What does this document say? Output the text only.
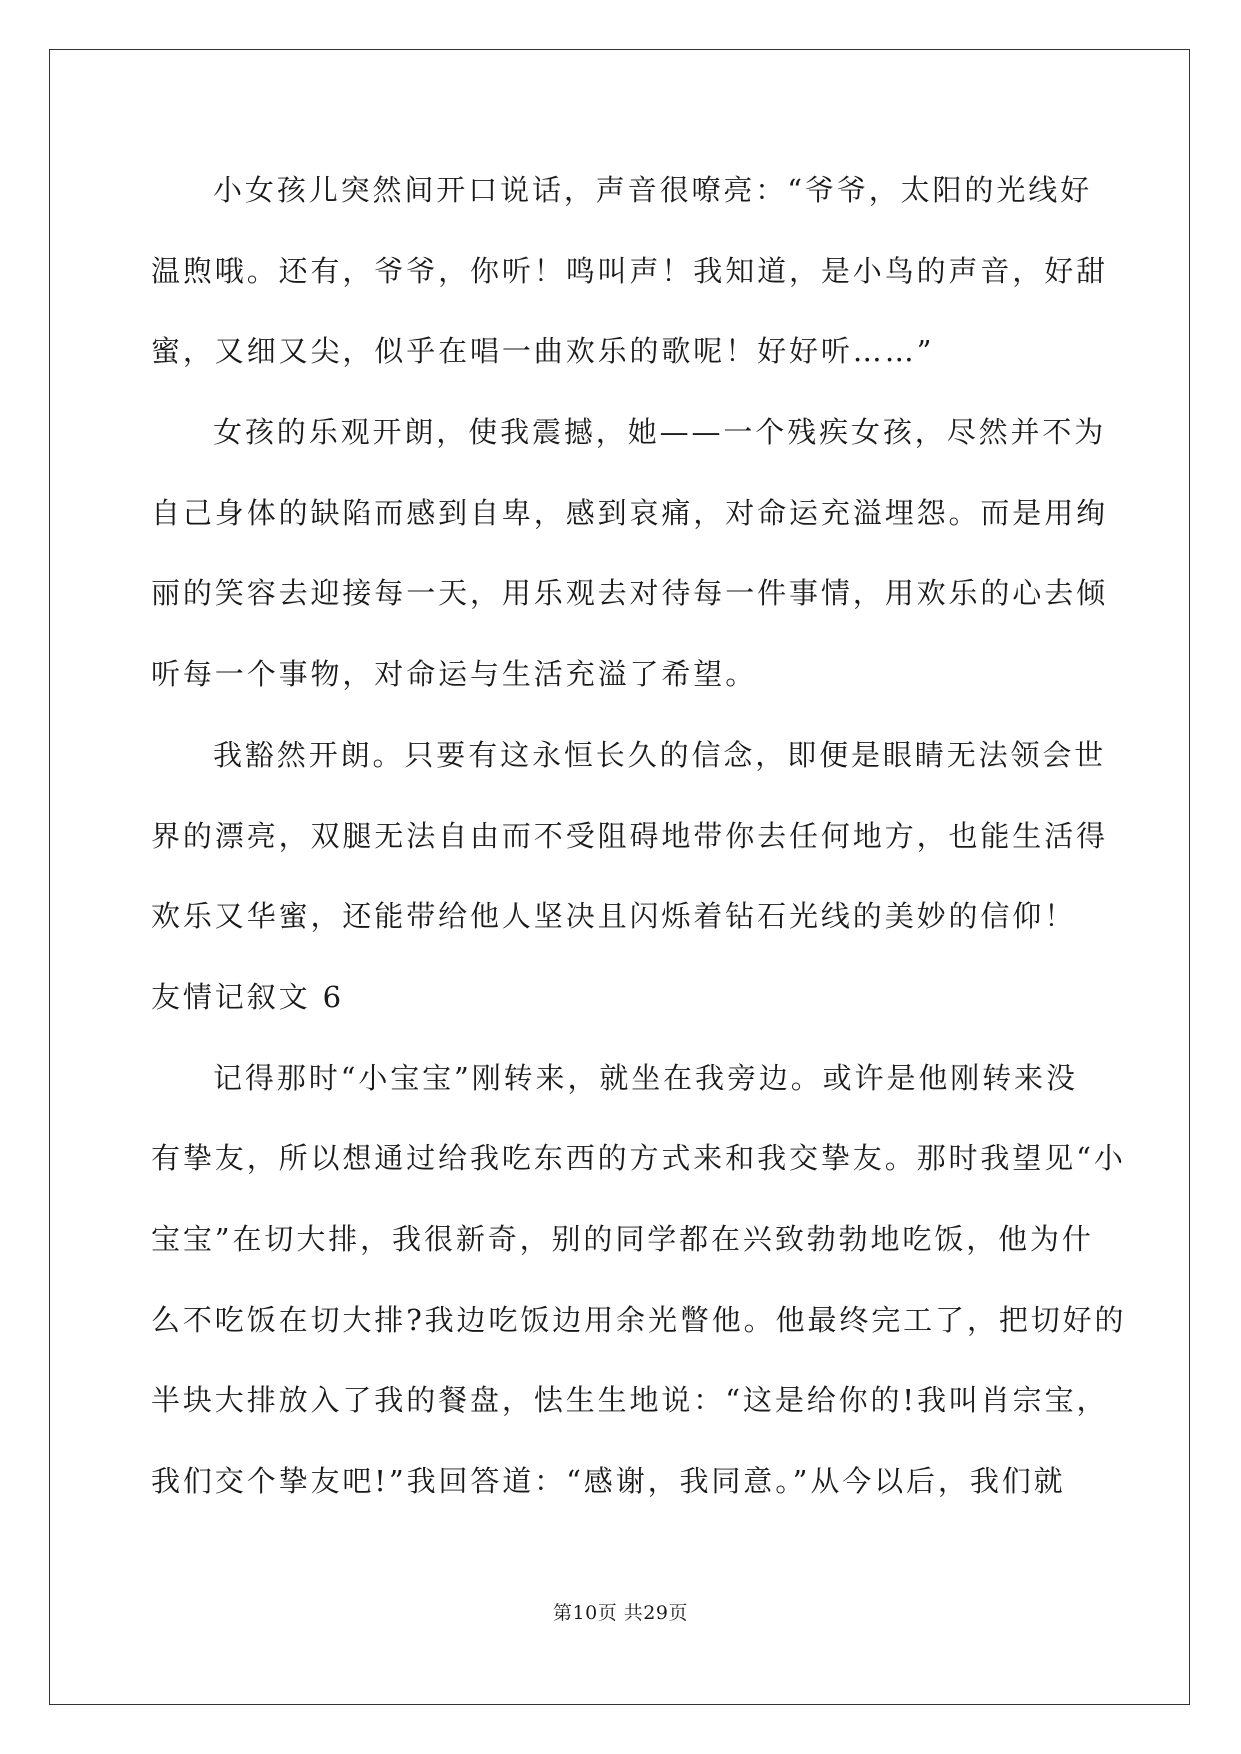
小女孩儿突然间开口说话，声音很嘹亮：“爷爷，太阳的光线好
温煦哦。还有，爷爷，你听！鸣叫声！我知道，是小鸟的声音，好甜
蜜，又细又尖，似乎在唱一曲欢乐的歌呢！好好听……”
女孩的乐观开朗，使我震撼，她——一个残疾女孩，尽然并不为
自己身体的缺陷而感到自卑，感到哀痛，对命运充溢埋怨。而是用绚
丽的笑容去迎接每一天，用乐观去对待每一件事情，用欢乐的心去倾
听每一个事物，对命运与生活充溢了希望。
我豁然开朗。只要有这永恒长久的信念，即便是眼睛无法领会世
界的漂亮，双腿无法自由而不受阻碍地带你去任何地方，也能生活得
欢乐又华蜜，还能带给他人坚决且闪烁着钻石光线的美妙的信仰！
友情记叙文 6
记得那时“小宝宝”刚转来，就坐在我旁边。或许是他刚转来没
有挚友，所以想通过给我吃东西的方式来和我交挚友。那时我望见“小
宝宝”在切大排，我很新奇，别的同学都在兴致勃勃地吃饭，他为什
么不吃饭在切大排?我边吃饭边用余光瞥他。他最终完工了，把切好的
半块大排放入了我的餐盘，怯生生地说：“这是给你的!我叫肖宗宝，
我们交个挚友吧!”我回答道：“感谢，我同意。”从今以后，我们就
第10页 共29页
